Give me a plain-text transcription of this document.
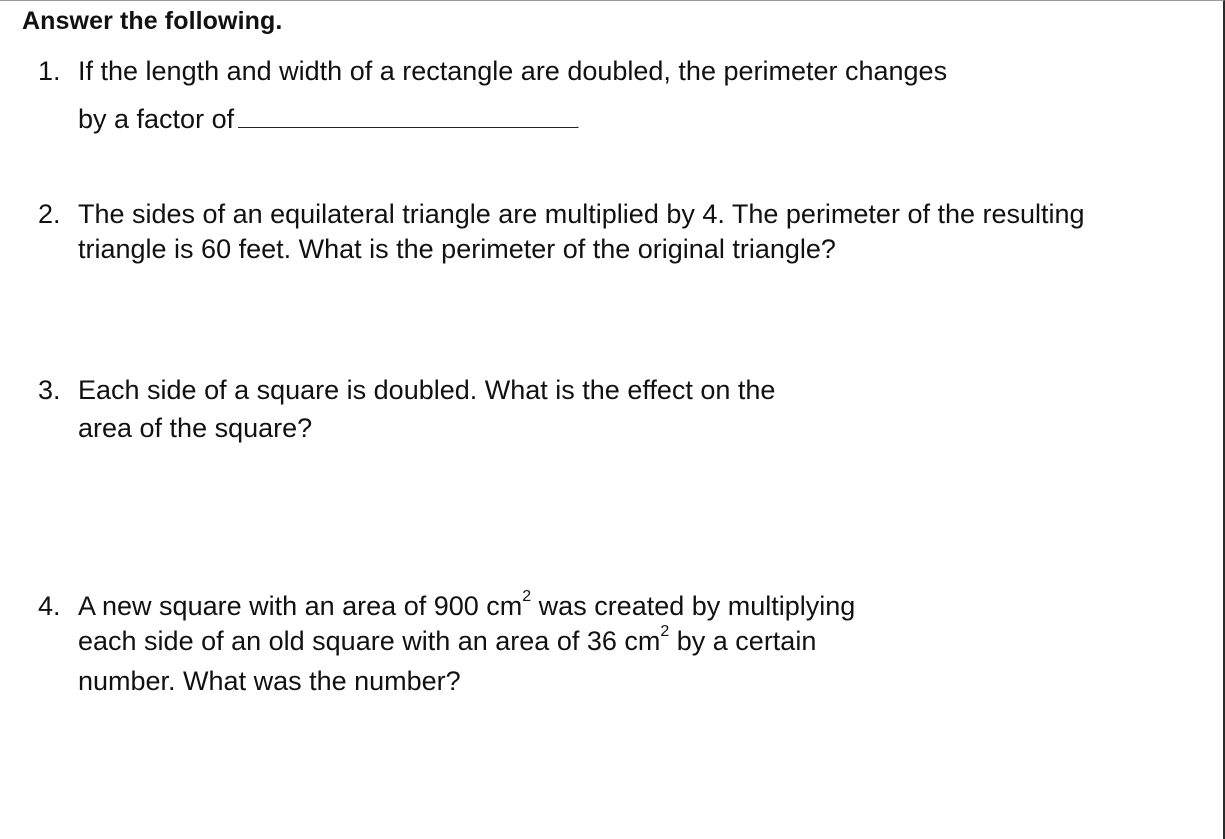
Answer the following.
1. If the length and width of a rectangle are doubled, the perimeter changes
by a factor of	.
2. The sides of an equilateral triangle are multiplied by 4. The perimeter of the resulting
triangle is 60 feet. What is the perimeter of the original triangle?
3. Each side of a square is doubled. What is the effect on the
area of the square?
4. A new square with an area of 900 $cm^2$ was created by multiplying
each side of an old square with an area of 36 $cm^2$ by a certain
number. What was the number?
